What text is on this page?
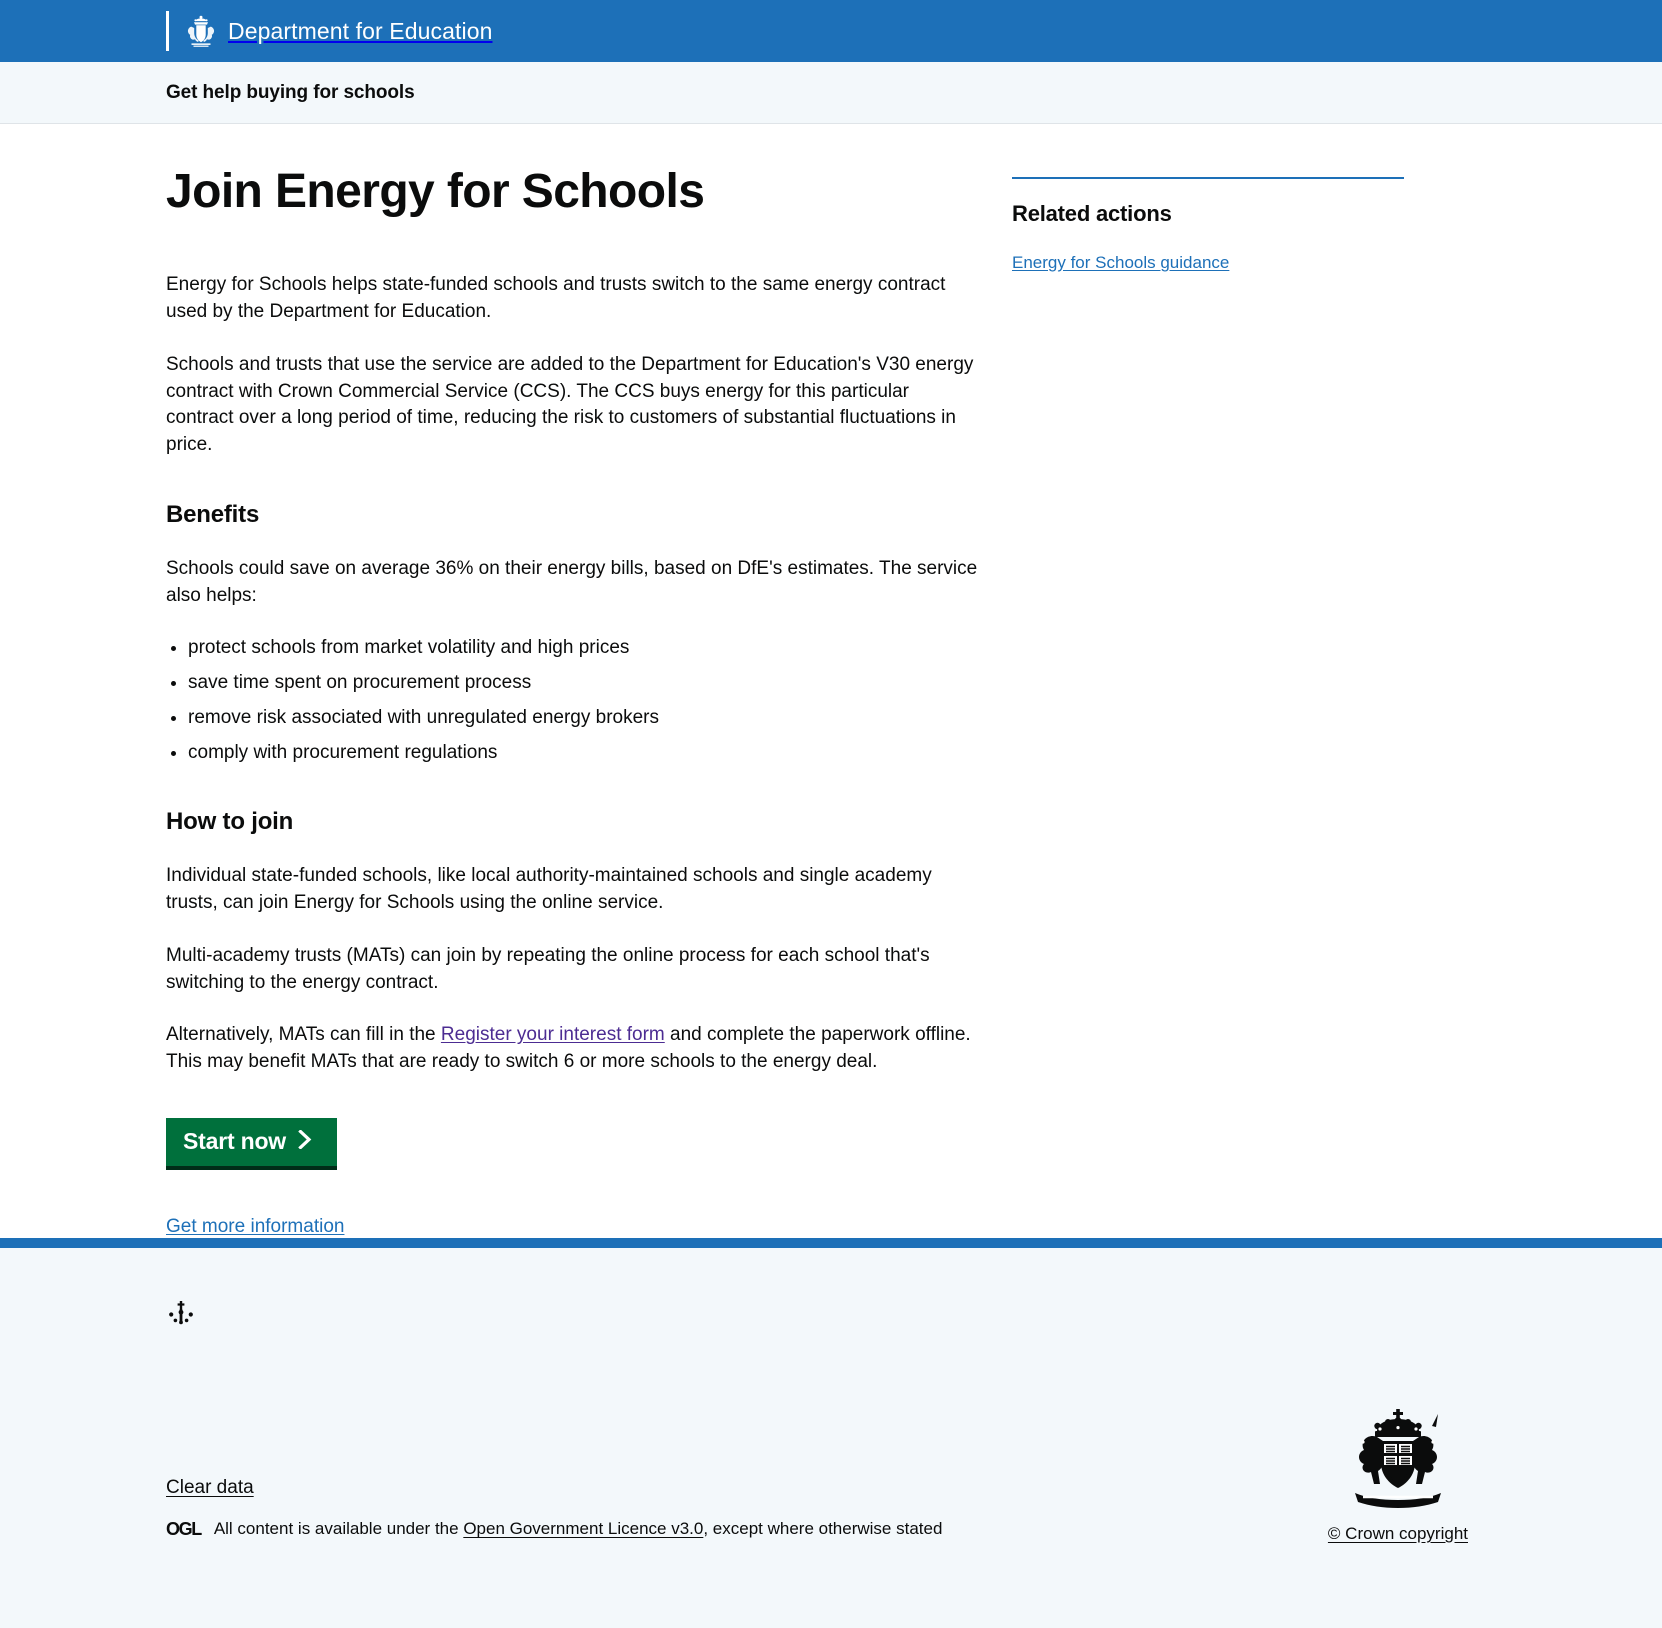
Department for Education
Get help buying for schools
Join Energy for Schools

Energy for Schools helps state-funded schools and trusts switch to the same energy contract used by the Department for Education.

Schools and trusts that use the service are added to the Department for Education's V30 energy contract with Crown Commercial Service (CCS). The CCS buys energy for this particular contract over a long period of time, reducing the risk to customers of substantial fluctuations in price.

Benefits

Schools could save on average 36% on their energy bills, based on DfE's estimates. The service also helps:

• protect schools from market volatility and high prices
• save time spent on procurement process
• remove risk associated with unregulated energy brokers
• comply with procurement regulations
How to join

Individual state-funded schools, like local authority-maintained schools and single academy trusts, can join Energy for Schools using the online service.

Multi-academy trusts (MATs) can join by repeating the online process for each school that's switching to the energy contract.

Alternatively, MATs can fill in the Register your interest form and complete the paperwork offline. This may benefit MATs that are ready to switch 6 or more schools to the energy deal.

Start now
Get more information
Related actions
Energy for Schools guidance
Clear data
OGL All content is available under the Open Government Licence v3.0, except where otherwise stated	© Crown copyright
